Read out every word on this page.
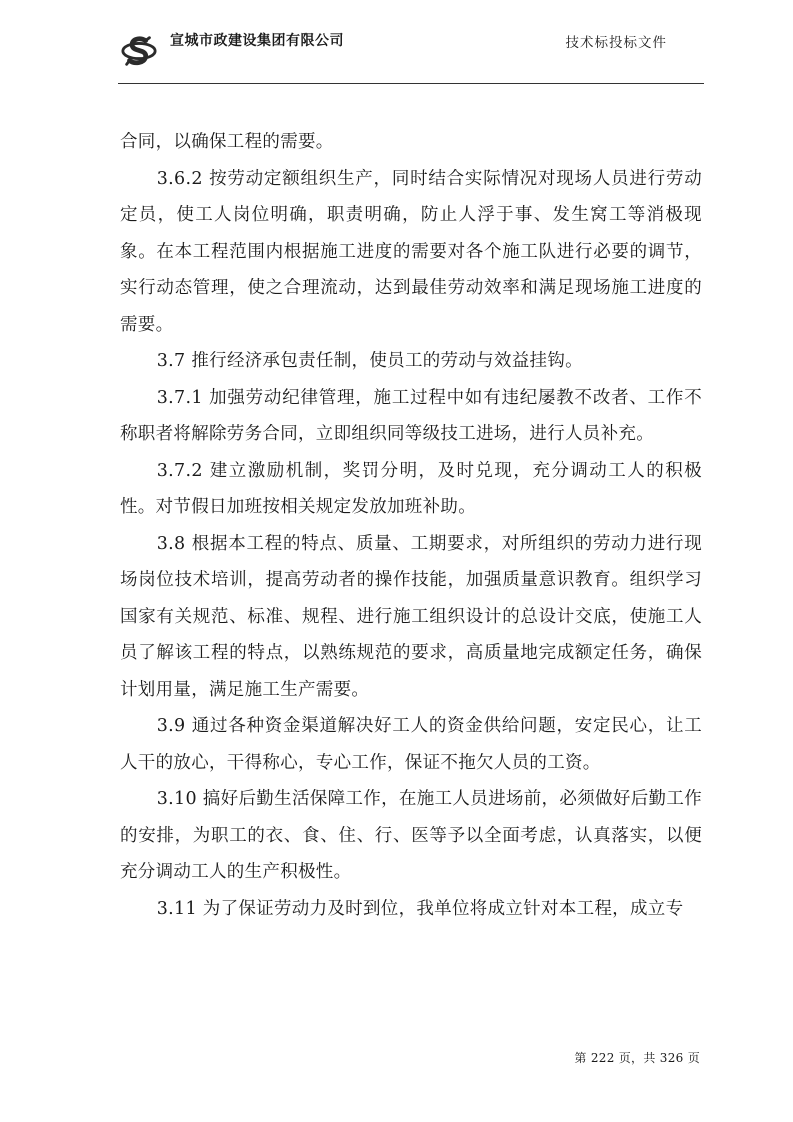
宣城市政建设集团有限公司	技术标投标文件

合同，以确保工程的需要。

3.6.2 按劳动定额组织生产，同时结合实际情况对现场人员进行劳动定员，使工人岗位明确，职责明确，防止人浮于事、发生窝工等消极现象。在本工程范围内根据施工进度的需要对各个施工队进行必要的调节，实行动态管理，使之合理流动，达到最佳劳动效率和满足现场施工进度的需要。

3.7 推行经济承包责任制，使员工的劳动与效益挂钩。

3.7.1 加强劳动纪律管理，施工过程中如有违纪屡教不改者、工作不称职者将解除劳务合同，立即组织同等级技工进场，进行人员补充。

3.7.2 建立激励机制，奖罚分明，及时兑现，充分调动工人的积极性。对节假日加班按相关规定发放加班补助。

3.8 根据本工程的特点、质量、工期要求，对所组织的劳动力进行现场岗位技术培训，提高劳动者的操作技能，加强质量意识教育。组织学习国家有关规范、标准、规程、进行施工组织设计的总设计交底，使施工人员了解该工程的特点，以熟练规范的要求，高质量地完成额定任务，确保计划用量，满足施工生产需要。

3.9 通过各种资金渠道解决好工人的资金供给问题，安定民心，让工人干的放心，干得称心，专心工作，保证不拖欠人员的工资。

3.10 搞好后勤生活保障工作，在施工人员进场前，必须做好后勤工作的安排，为职工的衣、食、住、行、医等予以全面考虑，认真落实，以便充分调动工人的生产积极性。

3.11 为了保证劳动力及时到位，我单位将成立针对本工程，成立专

第 222 页，共 326 页
